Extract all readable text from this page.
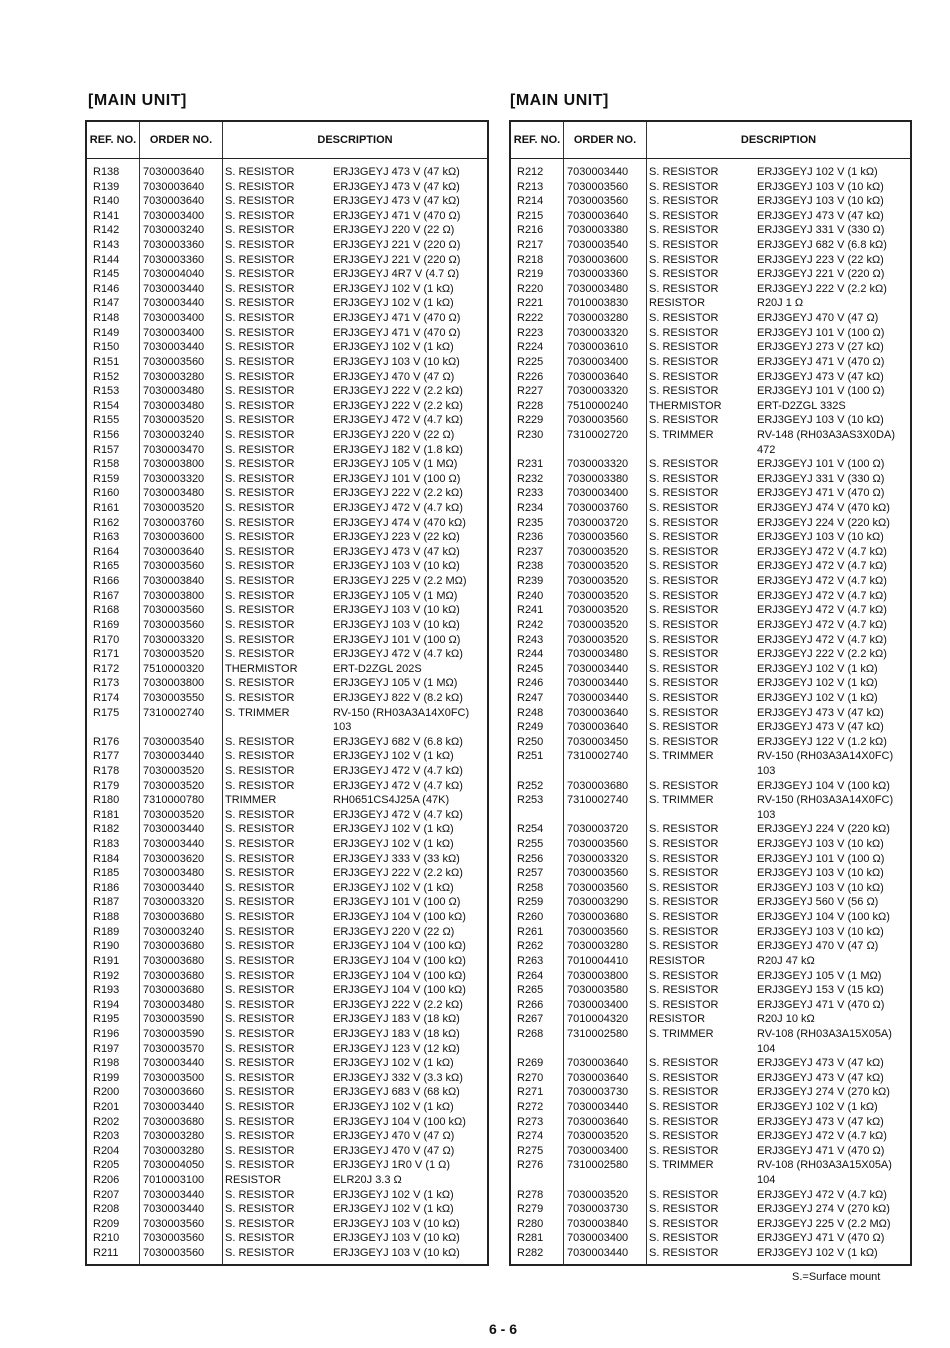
[MAIN UNIT]	[MAIN UNIT]
REF. NO.	ORDER NO.	DESCRIPTION
R138	7030003640	S. RESISTOR	ERJ3GEYJ 473 V (47 kΩ)
R139	7030003640	S. RESISTOR	ERJ3GEYJ 473 V (47 kΩ)
R140	7030003640	S. RESISTOR	ERJ3GEYJ 473 V (47 kΩ)
R141	7030003400	S. RESISTOR	ERJ3GEYJ 471 V (470 Ω)
R142	7030003240	S. RESISTOR	ERJ3GEYJ 220 V (22 Ω)
R143	7030003360	S. RESISTOR	ERJ3GEYJ 221 V (220 Ω)
R144	7030003360	S. RESISTOR	ERJ3GEYJ 221 V (220 Ω)
R145	7030004040	S. RESISTOR	ERJ3GEYJ 4R7 V (4.7 Ω)
R146	7030003440	S. RESISTOR	ERJ3GEYJ 102 V (1 kΩ)
R147	7030003440	S. RESISTOR	ERJ3GEYJ 102 V (1 kΩ)
R148	7030003400	S. RESISTOR	ERJ3GEYJ 471 V (470 Ω)
R149	7030003400	S. RESISTOR	ERJ3GEYJ 471 V (470 Ω)
R150	7030003440	S. RESISTOR	ERJ3GEYJ 102 V (1 kΩ)
R151	7030003560	S. RESISTOR	ERJ3GEYJ 103 V (10 kΩ)
R152	7030003280	S. RESISTOR	ERJ3GEYJ 470 V (47 Ω)
R153	7030003480	S. RESISTOR	ERJ3GEYJ 222 V (2.2 kΩ)
R154	7030003480	S. RESISTOR	ERJ3GEYJ 222 V (2.2 kΩ)
R155	7030003520	S. RESISTOR	ERJ3GEYJ 472 V (4.7 kΩ)
R156	7030003240	S. RESISTOR	ERJ3GEYJ 220 V (22 Ω)
R157	7030003470	S. RESISTOR	ERJ3GEYJ 182 V (1.8 kΩ)
R158	7030003800	S. RESISTOR	ERJ3GEYJ 105 V (1 MΩ)
R159	7030003320	S. RESISTOR	ERJ3GEYJ 101 V (100 Ω)
R160	7030003480	S. RESISTOR	ERJ3GEYJ 222 V (2.2 kΩ)
R161	7030003520	S. RESISTOR	ERJ3GEYJ 472 V (4.7 kΩ)
R162	7030003760	S. RESISTOR	ERJ3GEYJ 474 V (470 kΩ)
R163	7030003600	S. RESISTOR	ERJ3GEYJ 223 V (22 kΩ)
R164	7030003640	S. RESISTOR	ERJ3GEYJ 473 V (47 kΩ)
R165	7030003560	S. RESISTOR	ERJ3GEYJ 103 V (10 kΩ)
R166	7030003840	S. RESISTOR	ERJ3GEYJ 225 V (2.2 MΩ)
R167	7030003800	S. RESISTOR	ERJ3GEYJ 105 V (1 MΩ)
R168	7030003560	S. RESISTOR	ERJ3GEYJ 103 V (10 kΩ)
R169	7030003560	S. RESISTOR	ERJ3GEYJ 103 V (10 kΩ)
R170	7030003320	S. RESISTOR	ERJ3GEYJ 101 V (100 Ω)
R171	7030003520	S. RESISTOR	ERJ3GEYJ 472 V (4.7 kΩ)
R172	7510000320	THERMISTOR	ERT-D2ZGL 202S
R173	7030003800	S. RESISTOR	ERJ3GEYJ 105 V (1 MΩ)
R174	7030003550	S. RESISTOR	ERJ3GEYJ 822 V (8.2 kΩ)
R175	7310002740	S. TRIMMER	RV-150 (RH03A3A14X0FC)
103
R176	7030003540	S. RESISTOR	ERJ3GEYJ 682 V (6.8 kΩ)
R177	7030003440	S. RESISTOR	ERJ3GEYJ 102 V (1 kΩ)
R178	7030003520	S. RESISTOR	ERJ3GEYJ 472 V (4.7 kΩ)
R179	7030003520	S. RESISTOR	ERJ3GEYJ 472 V (4.7 kΩ)
R180	7310000780	TRIMMER	RH0651CS4J25A (47K)
R181	7030003520	S. RESISTOR	ERJ3GEYJ 472 V (4.7 kΩ)
R182	7030003440	S. RESISTOR	ERJ3GEYJ 102 V (1 kΩ)
R183	7030003440	S. RESISTOR	ERJ3GEYJ 102 V (1 kΩ)
R184	7030003620	S. RESISTOR	ERJ3GEYJ 333 V (33 kΩ)
R185	7030003480	S. RESISTOR	ERJ3GEYJ 222 V (2.2 kΩ)
R186	7030003440	S. RESISTOR	ERJ3GEYJ 102 V (1 kΩ)
R187	7030003320	S. RESISTOR	ERJ3GEYJ 101 V (100 Ω)
R188	7030003680	S. RESISTOR	ERJ3GEYJ 104 V (100 kΩ)
R189	7030003240	S. RESISTOR	ERJ3GEYJ 220 V (22 Ω)
R190	7030003680	S. RESISTOR	ERJ3GEYJ 104 V (100 kΩ)
R191	7030003680	S. RESISTOR	ERJ3GEYJ 104 V (100 kΩ)
R192	7030003680	S. RESISTOR	ERJ3GEYJ 104 V (100 kΩ)
R193	7030003680	S. RESISTOR	ERJ3GEYJ 104 V (100 kΩ)
R194	7030003480	S. RESISTOR	ERJ3GEYJ 222 V (2.2 kΩ)
R195	7030003590	S. RESISTOR	ERJ3GEYJ 183 V (18 kΩ)
R196	7030003590	S. RESISTOR	ERJ3GEYJ 183 V (18 kΩ)
R197	7030003570	S. RESISTOR	ERJ3GEYJ 123 V (12 kΩ)
R198	7030003440	S. RESISTOR	ERJ3GEYJ 102 V (1 kΩ)
R199	7030003500	S. RESISTOR	ERJ3GEYJ 332 V (3.3 kΩ)
R200	7030003660	S. RESISTOR	ERJ3GEYJ 683 V (68 kΩ)
R201	7030003440	S. RESISTOR	ERJ3GEYJ 102 V (1 kΩ)
R202	7030003680	S. RESISTOR	ERJ3GEYJ 104 V (100 kΩ)
R203	7030003280	S. RESISTOR	ERJ3GEYJ 470 V (47 Ω)
R204	7030003280	S. RESISTOR	ERJ3GEYJ 470 V (47 Ω)
R205	7030004050	S. RESISTOR	ERJ3GEYJ 1R0 V (1 Ω)
R206	7010003100	RESISTOR	ELR20J 3.3 Ω
R207	7030003440	S. RESISTOR	ERJ3GEYJ 102 V (1 kΩ)
R208	7030003440	S. RESISTOR	ERJ3GEYJ 102 V (1 kΩ)
R209	7030003560	S. RESISTOR	ERJ3GEYJ 103 V (10 kΩ)
R210	7030003560	S. RESISTOR	ERJ3GEYJ 103 V (10 kΩ)
R211	7030003560	S. RESISTOR	ERJ3GEYJ 103 V (10 kΩ)
REF. NO.	ORDER NO.	DESCRIPTION
R212	7030003440	S. RESISTOR	ERJ3GEYJ 102 V (1 kΩ)
R213	7030003560	S. RESISTOR	ERJ3GEYJ 103 V (10 kΩ)
R214	7030003560	S. RESISTOR	ERJ3GEYJ 103 V (10 kΩ)
R215	7030003640	S. RESISTOR	ERJ3GEYJ 473 V (47 kΩ)
R216	7030003380	S. RESISTOR	ERJ3GEYJ 331 V (330 Ω)
R217	7030003540	S. RESISTOR	ERJ3GEYJ 682 V (6.8 kΩ)
R218	7030003600	S. RESISTOR	ERJ3GEYJ 223 V (22 kΩ)
R219	7030003360	S. RESISTOR	ERJ3GEYJ 221 V (220 Ω)
R220	7030003480	S. RESISTOR	ERJ3GEYJ 222 V (2.2 kΩ)
R221	7010003830	RESISTOR	R20J 1 Ω
R222	7030003280	S. RESISTOR	ERJ3GEYJ 470 V (47 Ω)
R223	7030003320	S. RESISTOR	ERJ3GEYJ 101 V (100 Ω)
R224	7030003610	S. RESISTOR	ERJ3GEYJ 273 V (27 kΩ)
R225	7030003400	S. RESISTOR	ERJ3GEYJ 471 V (470 Ω)
R226	7030003640	S. RESISTOR	ERJ3GEYJ 473 V (47 kΩ)
R227	7030003320	S. RESISTOR	ERJ3GEYJ 101 V (100 Ω)
R228	7510000240	THERMISTOR	ERT-D2ZGL 332S
R229	7030003560	S. RESISTOR	ERJ3GEYJ 103 V (10 kΩ)
R230	7310002720	S. TRIMMER	RV-148 (RH03A3AS3X0DA)
472
R231	7030003320	S. RESISTOR	ERJ3GEYJ 101 V (100 Ω)
R232	7030003380	S. RESISTOR	ERJ3GEYJ 331 V (330 Ω)
R233	7030003400	S. RESISTOR	ERJ3GEYJ 471 V (470 Ω)
R234	7030003760	S. RESISTOR	ERJ3GEYJ 474 V (470 kΩ)
R235	7030003720	S. RESISTOR	ERJ3GEYJ 224 V (220 kΩ)
R236	7030003560	S. RESISTOR	ERJ3GEYJ 103 V (10 kΩ)
R237	7030003520	S. RESISTOR	ERJ3GEYJ 472 V (4.7 kΩ)
R238	7030003520	S. RESISTOR	ERJ3GEYJ 472 V (4.7 kΩ)
R239	7030003520	S. RESISTOR	ERJ3GEYJ 472 V (4.7 kΩ)
R240	7030003520	S. RESISTOR	ERJ3GEYJ 472 V (4.7 kΩ)
R241	7030003520	S. RESISTOR	ERJ3GEYJ 472 V (4.7 kΩ)
R242	7030003520	S. RESISTOR	ERJ3GEYJ 472 V (4.7 kΩ)
R243	7030003520	S. RESISTOR	ERJ3GEYJ 472 V (4.7 kΩ)
R244	7030003480	S. RESISTOR	ERJ3GEYJ 222 V (2.2 kΩ)
R245	7030003440	S. RESISTOR	ERJ3GEYJ 102 V (1 kΩ)
R246	7030003440	S. RESISTOR	ERJ3GEYJ 102 V (1 kΩ)
R247	7030003440	S. RESISTOR	ERJ3GEYJ 102 V (1 kΩ)
R248	7030003640	S. RESISTOR	ERJ3GEYJ 473 V (47 kΩ)
R249	7030003640	S. RESISTOR	ERJ3GEYJ 473 V (47 kΩ)
R250	7030003450	S. RESISTOR	ERJ3GEYJ 122 V (1.2 kΩ)
R251	7310002740	S. TRIMMER	RV-150 (RH03A3A14X0FC)
103
R252	7030003680	S. RESISTOR	ERJ3GEYJ 104 V (100 kΩ)
R253	7310002740	S. TRIMMER	RV-150 (RH03A3A14X0FC)
103
R254	7030003720	S. RESISTOR	ERJ3GEYJ 224 V (220 kΩ)
R255	7030003560	S. RESISTOR	ERJ3GEYJ 103 V (10 kΩ)
R256	7030003320	S. RESISTOR	ERJ3GEYJ 101 V (100 Ω)
R257	7030003560	S. RESISTOR	ERJ3GEYJ 103 V (10 kΩ)
R258	7030003560	S. RESISTOR	ERJ3GEYJ 103 V (10 kΩ)
R259	7030003290	S. RESISTOR	ERJ3GEYJ 560 V (56 Ω)
R260	7030003680	S. RESISTOR	ERJ3GEYJ 104 V (100 kΩ)
R261	7030003560	S. RESISTOR	ERJ3GEYJ 103 V (10 kΩ)
R262	7030003280	S. RESISTOR	ERJ3GEYJ 470 V (47 Ω)
R263	7010004410	RESISTOR	R20J 47 kΩ
R264	7030003800	S. RESISTOR	ERJ3GEYJ 105 V (1 MΩ)
R265	7030003580	S. RESISTOR	ERJ3GEYJ 153 V (15 kΩ)
R266	7030003400	S. RESISTOR	ERJ3GEYJ 471 V (470 Ω)
R267	7010004320	RESISTOR	R20J 10 kΩ
R268	7310002580	S. TRIMMER	RV-108 (RH03A3A15X05A)
104
R269	7030003640	S. RESISTOR	ERJ3GEYJ 473 V (47 kΩ)
R270	7030003640	S. RESISTOR	ERJ3GEYJ 473 V (47 kΩ)
R271	7030003730	S. RESISTOR	ERJ3GEYJ 274 V (270 kΩ)
R272	7030003440	S. RESISTOR	ERJ3GEYJ 102 V (1 kΩ)
R273	7030003640	S. RESISTOR	ERJ3GEYJ 473 V (47 kΩ)
R274	7030003520	S. RESISTOR	ERJ3GEYJ 472 V (4.7 kΩ)
R275	7030003400	S. RESISTOR	ERJ3GEYJ 471 V (470 Ω)
R276	7310002580	S. TRIMMER	RV-108 (RH03A3A15X05A)
104
R278	7030003520	S. RESISTOR	ERJ3GEYJ 472 V (4.7 kΩ)
R279	7030003730	S. RESISTOR	ERJ3GEYJ 274 V (270 kΩ)
R280	7030003840	S. RESISTOR	ERJ3GEYJ 225 V (2.2 MΩ)
R281	7030003400	S. RESISTOR	ERJ3GEYJ 471 V (470 Ω)
R282	7030003440	S. RESISTOR	ERJ3GEYJ 102 V (1 kΩ)
S.=Surface mount
6 - 6
